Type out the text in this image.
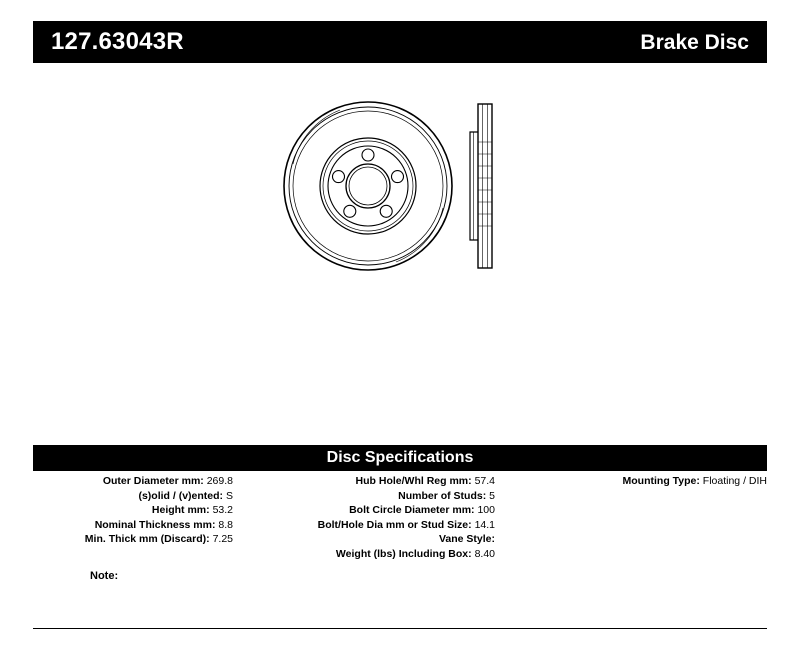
127.63043R	Brake Disc
Disc Specifications
Outer Diameter mm: 269.8
(s)olid / (v)ented: S
Height mm: 53.2
Nominal Thickness mm: 8.8
Min. Thick mm (Discard): 7.25
Hub Hole/Whl Reg mm: 57.4
Number of Studs: 5
Bolt Circle Diameter mm: 100
Bolt/Hole Dia mm or Stud Size: 14.1
Vane Style:
Weight (lbs) Including Box: 8.40
Mounting Type: Floating / DIH
Note:
